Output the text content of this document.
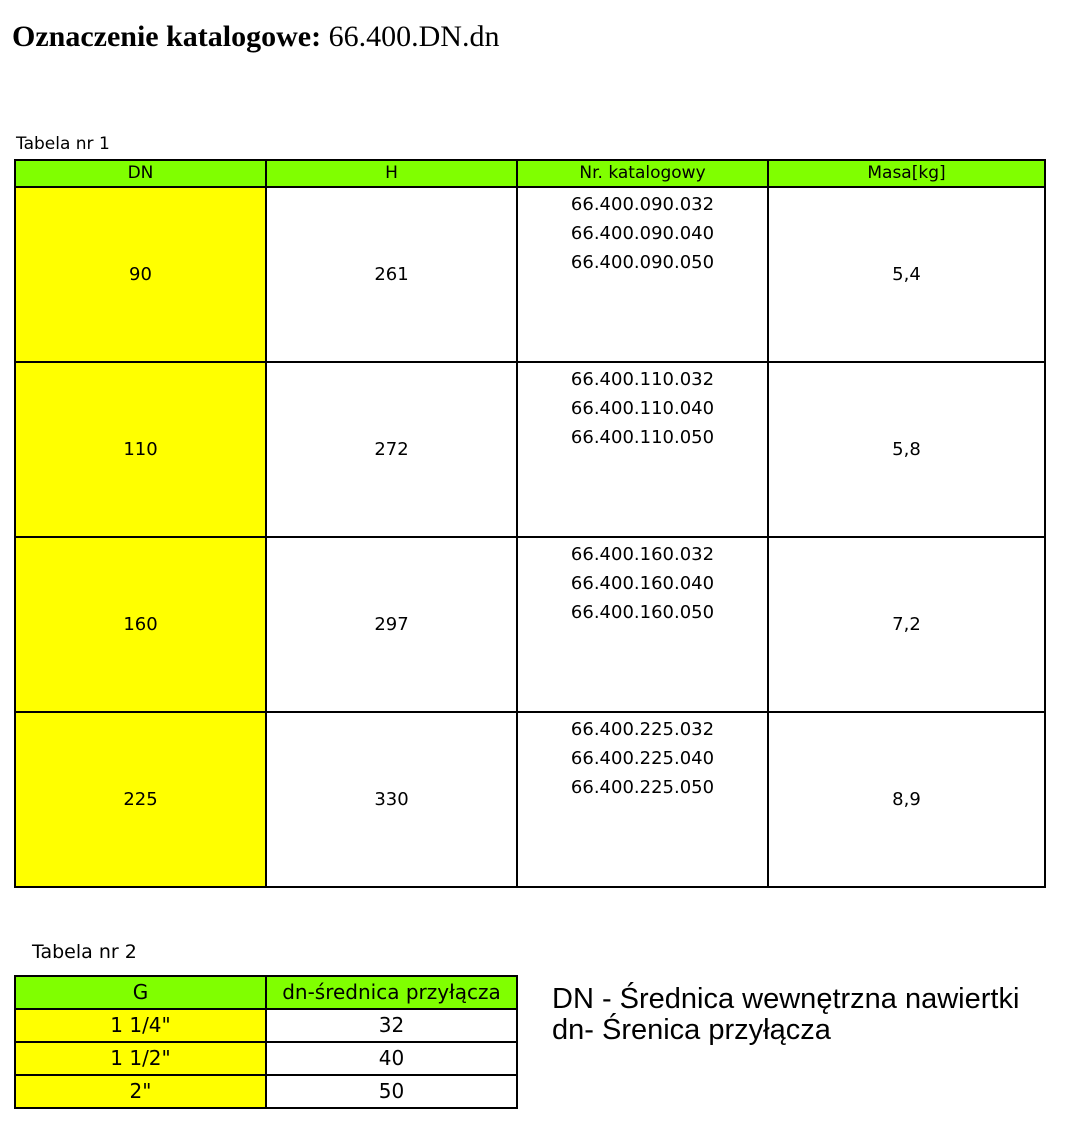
Oznaczenie katalogowe: 66.400.DN.dn
Tabela nr 1
DN	H	Nr. katalogowy	Masa[kg]
90	261	66.400.090.032
66.400.090.040
66.400.090.050	5,4
110	272	66.400.110.032
66.400.110.040
66.400.110.050	5,8
160	297	66.400.160.032
66.400.160.040
66.400.160.050	7,2
225	330	66.400.225.032
66.400.225.040
66.400.225.050	8,9
Tabela nr 2
G	dn-średnica przyłącza
1 1/4"	32
1 1/2"	40
2"	50
DN - Średnica wewnętrzna nawiertki
dn- Śrenica przyłącza
